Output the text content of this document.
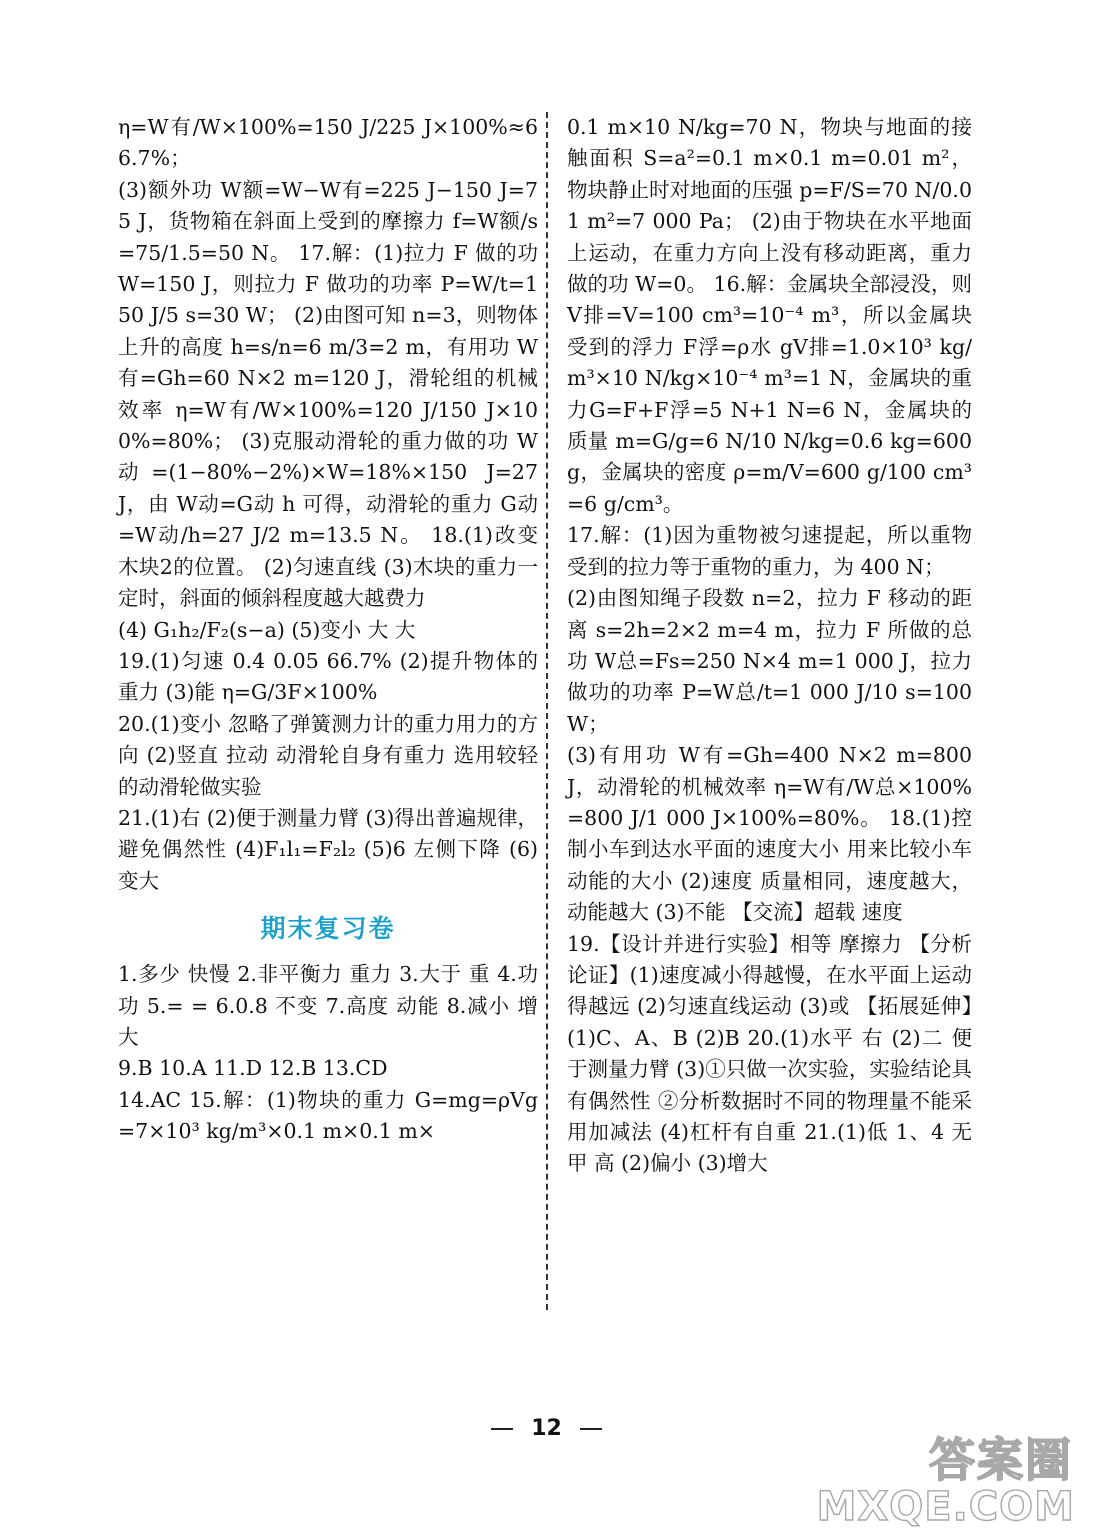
η=W有/W×100%=150 J/225 J×100%≈66.7%；

(3)额外功 W额=W−W有=225 J−150 J=75 J，货物箱在斜面上受到的摩擦力 f=W额/s=75/1.5=50 N。 17.解：(1)拉力 F 做的功 W=150 J，则拉力 F 做功的功率 P=W/t=150 J/5 s=30 W； (2)由图可知 n=3，则物体上升的高度 h=s/n=6 m/3=2 m，有用功 W有=Gh=60 N×2 m=120 J，滑轮组的机械效率 η=W有/W×100%=120 J/150 J×100%=80%； (3)克服动滑轮的重力做的功 W动=(1−80%−2%)×W=18%×150 J=27 J，由 W动=G动 h 可得，动滑轮的重力 G动=W动/h=27 J/2 m=13.5 N。 18.(1)改变木块2的位置。 (2)匀速直线 (3)木块的重力一定时，斜面的倾斜程度越大越费力

(4) G₁h₂/F₂(s−a) (5)变小 大 大

19.(1)匀速 0.4 0.05 66.7% (2)提升物体的重力 (3)能 η=G/3F×100%

20.(1)变小 忽略了弹簧测力计的重力用力的方向 (2)竖直 拉动 动滑轮自身有重力 选用较轻的动滑轮做实验

21.(1)右 (2)便于测量力臂 (3)得出普遍规律，避免偶然性 (4)F₁l₁=F₂l₂ (5)6 左侧下降 (6)变大

期末复习卷

1.多少 快慢 2.非平衡力 重力 3.大于 重 4.功 功 5.= = 6.0.8 不变 7.高度 动能 8.减小 增大

9.B 10.A 11.D 12.B 13.CD

14.AC 15.解：(1)物块的重力 G=mg=ρVg=7×10³ kg/m³×0.1 m×0.1 m×

0.1 m×10 N/kg=70 N，物块与地面的接触面积 S=a²=0.1 m×0.1 m=0.01 m²，物块静止时对地面的压强 p=F/S=70 N/0.01 m²=7 000 Pa； (2)由于物块在水平地面上运动，在重力方向上没有移动距离，重力做的功 W=0。 16.解：金属块全部浸没，则 V排=V=100 cm³=10⁻⁴ m³，所以金属块受到的浮力 F浮=ρ水 gV排=1.0×10³ kg/m³×10 N/kg×10⁻⁴ m³=1 N，金属块的重力G=F+F浮=5 N+1 N=6 N，金属块的质量 m=G/g=6 N/10 N/kg=0.6 kg=600 g，金属块的密度 ρ=m/V=600 g/100 cm³=6 g/cm³。

17.解：(1)因为重物被匀速提起，所以重物受到的拉力等于重物的重力，为 400 N；

(2)由图知绳子段数 n=2，拉力 F 移动的距离 s=2h=2×2 m=4 m，拉力 F 所做的总功 W总=Fs=250 N×4 m=1 000 J，拉力做功的功率 P=W总/t=1 000 J/10 s=100 W；

(3)有用功 W有=Gh=400 N×2 m=800 J，动滑轮的机械效率 η=W有/W总×100%=800 J/1 000 J×100%=80%。 18.(1)控制小车到达水平面的速度大小 用来比较小车动能的大小 (2)速度 质量相同，速度越大，动能越大 (3)不能 【交流】超载 速度

19.【设计并进行实验】相等 摩擦力 【分析论证】(1)速度减小得越慢，在水平面上运动得越远 (2)匀速直线运动 (3)或 【拓展延伸】(1)C、A、B (2)B 20.(1)水平 右 (2)二 便于测量力臂 (3)①只做一次实验，实验结论具有偶然性 ②分析数据时不同的物理量不能采用加减法 (4)杠杆有自重 21.(1)低 1、4 无 甲 高 (2)偏小 (3)增大

12
答案圈
MXQE.COM
